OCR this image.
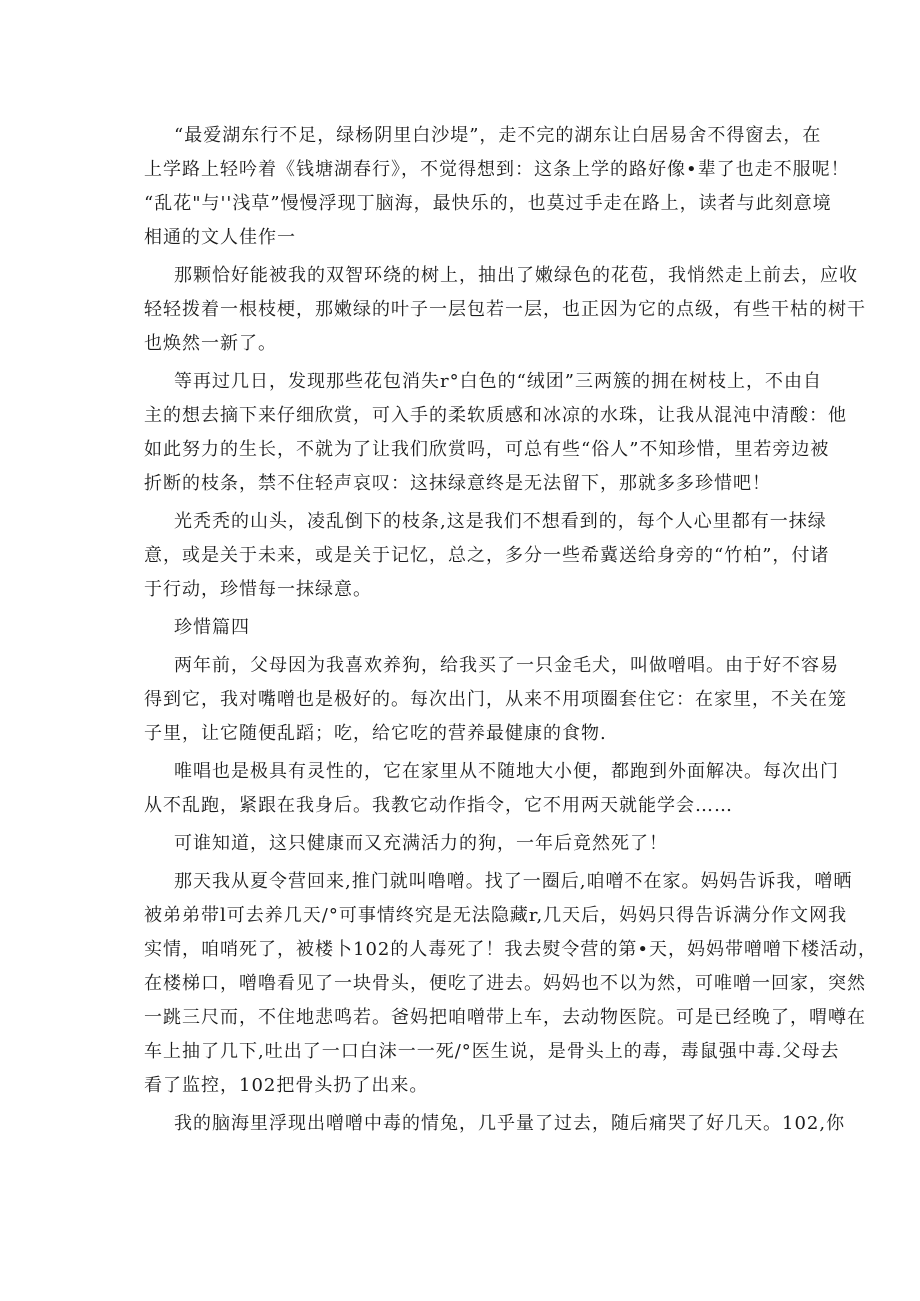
“最爱湖东行不足，绿杨阴里白沙堤”，走不完的湖东让白居易舍不得窗去，在
上学路上轻吟着《钱塘湖春行》，不觉得想到：这条上学的路好像•辈了也走不服呢！
“乱花"与''浅草”慢慢浮现丁脑海，最快乐的，也莫过手走在路上，读者与此刻意境
相通的文人佳作一
那颗恰好能被我的双智环绕的树上，抽出了嫩绿色的花苞，我悄然走上前去，应收
轻轻拨着一根枝梗，那嫩绿的叶子一层包若一层，也正因为它的点级，有些干枯的树干
也焕然一新了。
等再过几日，发现那些花包消失r°白色的“绒团”三两簇的拥在树枝上，不由自
主的想去摘下来仔细欣赏，可入手的柔软质感和冰凉的水珠，让我从混沌中清酸：他
如此努力的生长，不就为了让我们欣赏吗，可总有些“俗人”不知珍惜，里若旁边被
折断的枝条，禁不住轻声哀叹：这抹绿意终是无法留下，那就多多珍惜吧！
光秃秃的山头，凌乱倒下的枝条,这是我们不想看到的，每个人心里都有一抹绿
意，或是关于未来，或是关于记忆，总之，多分一些希冀送给身旁的“竹柏”，付诸
于行动，珍惜每一抹绿意。
珍惜篇四
两年前，父母因为我喜欢养狗，给我买了一只金毛犬，叫做噌唱。由于好不容易
得到它，我对嘴噌也是极好的。每次出门，从来不用项圈套住它：在家里，不关在笼
子里，让它随便乱蹈；吃，给它吃的营养最健康的食物.
唯唱也是极具有灵性的，它在家里从不随地大小便，都跑到外面解决。每次出门
从不乱跑，紧跟在我身后。我教它动作指令，它不用两天就能学会……
可谁知道，这只健康而又充满活力的狗，一年后竟然死了！
那天我从夏令营回来,推门就叫噜噌。找了一圈后,咱噌不在家。妈妈告诉我，噌晒
被弟弟带l可去养几天/°可事情终究是无法隐藏r,几天后，妈妈只得告诉满分作文网我
实情，咱哨死了，被楼卜102的人毒死了！我去熨令营的第•天，妈妈带噌噌下楼活动，
在楼梯口，噌噜看见了一块骨头，便吃了进去。妈妈也不以为然，可唯噌一回家，突然
一跳三尺而，不住地悲鸣若。爸妈把咱噌带上车，去动物医院。可是已经晚了，喟噂在
车上抽了几下,吐出了一口白沫一一死/°医生说，是骨头上的毒，毒鼠强中毒.父母去
看了监控，102把骨头扔了出来。
我的脑海里浮现出噌噌中毒的情兔，几乎量了过去，随后痛哭了好几天。102,你
